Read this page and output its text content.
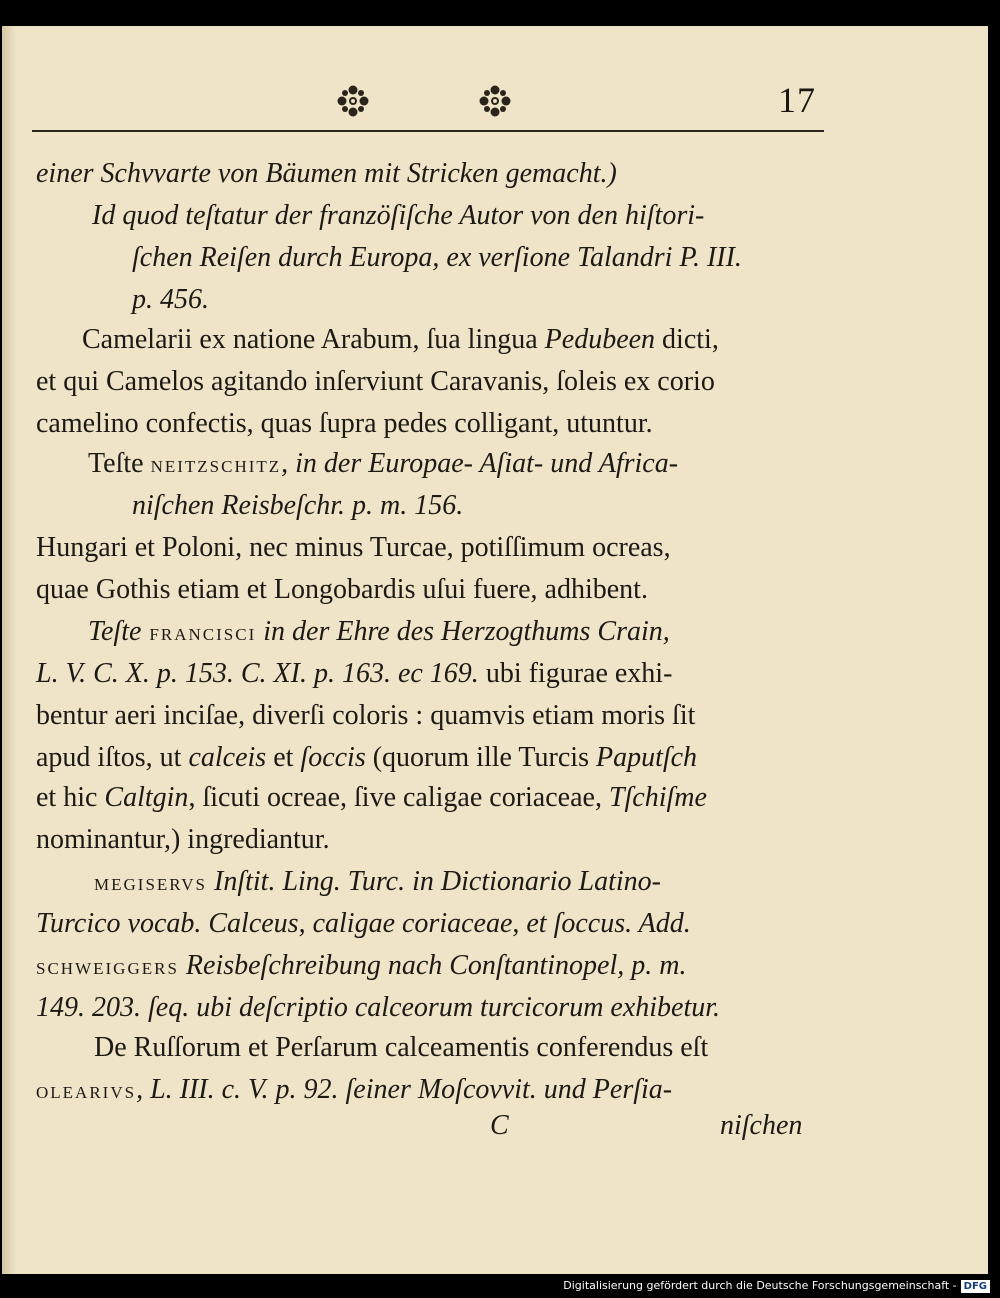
17
einer Schvvarte von Bäumen mit Stricken gemacht.)
Id quod teſtatur der franzöſiſche Autor von den hiſtori-
ſchen Reiſen durch Europa, ex verſione Talandri P. III.
p. 456.
Camelarii ex natione Arabum, ſua lingua Pedubeen dicti,
et qui Camelos agitando inſerviunt Caravanis, ſoleis ex corio
camelino confectis, quas ſupra pedes colligant, utuntur.
Teſte neitzschitz, in der Europae- Aſiat- und Africa-
niſchen Reisbeſchr. p. m. 156.
Hungari et Poloni, nec minus Turcae, potiſſimum ocreas,
quae Gothis etiam et Longobardis uſui fuere, adhibent.
Teſte francisci in der Ehre des Herzogthums Crain,
L. V. C. X. p. 153. C. XI. p. 163. ec 169. ubi figurae exhi-
bentur aeri inciſae, diverſi coloris : quamvis etiam moris ſit
apud iſtos, ut calceis et ſoccis (quorum ille Turcis Paputſch
et hic Caltgin, ſicuti ocreae, ſive caligae coriaceae, Tſchiſme
nominantur,) ingrediantur.
megiservs Inſtit. Ling. Turc. in Dictionario Latino-
Turcico vocab. Calceus, caligae coriaceae, et ſoccus. Add.
schweiggers Reisbeſchreibung nach Conſtantinopel, p. m.
149. 203. ſeq. ubi deſcriptio calceorum turcicorum exhibetur.
De Ruſſorum et Perſarum calceamentis conferendus eſt
olearivs, L. III. c. V. p. 92. ſeiner Moſcovvit. und Perſia-
C	niſchen
Digitalisierung gefördert durch die Deutsche Forschungsgemeinschaft - DFG
